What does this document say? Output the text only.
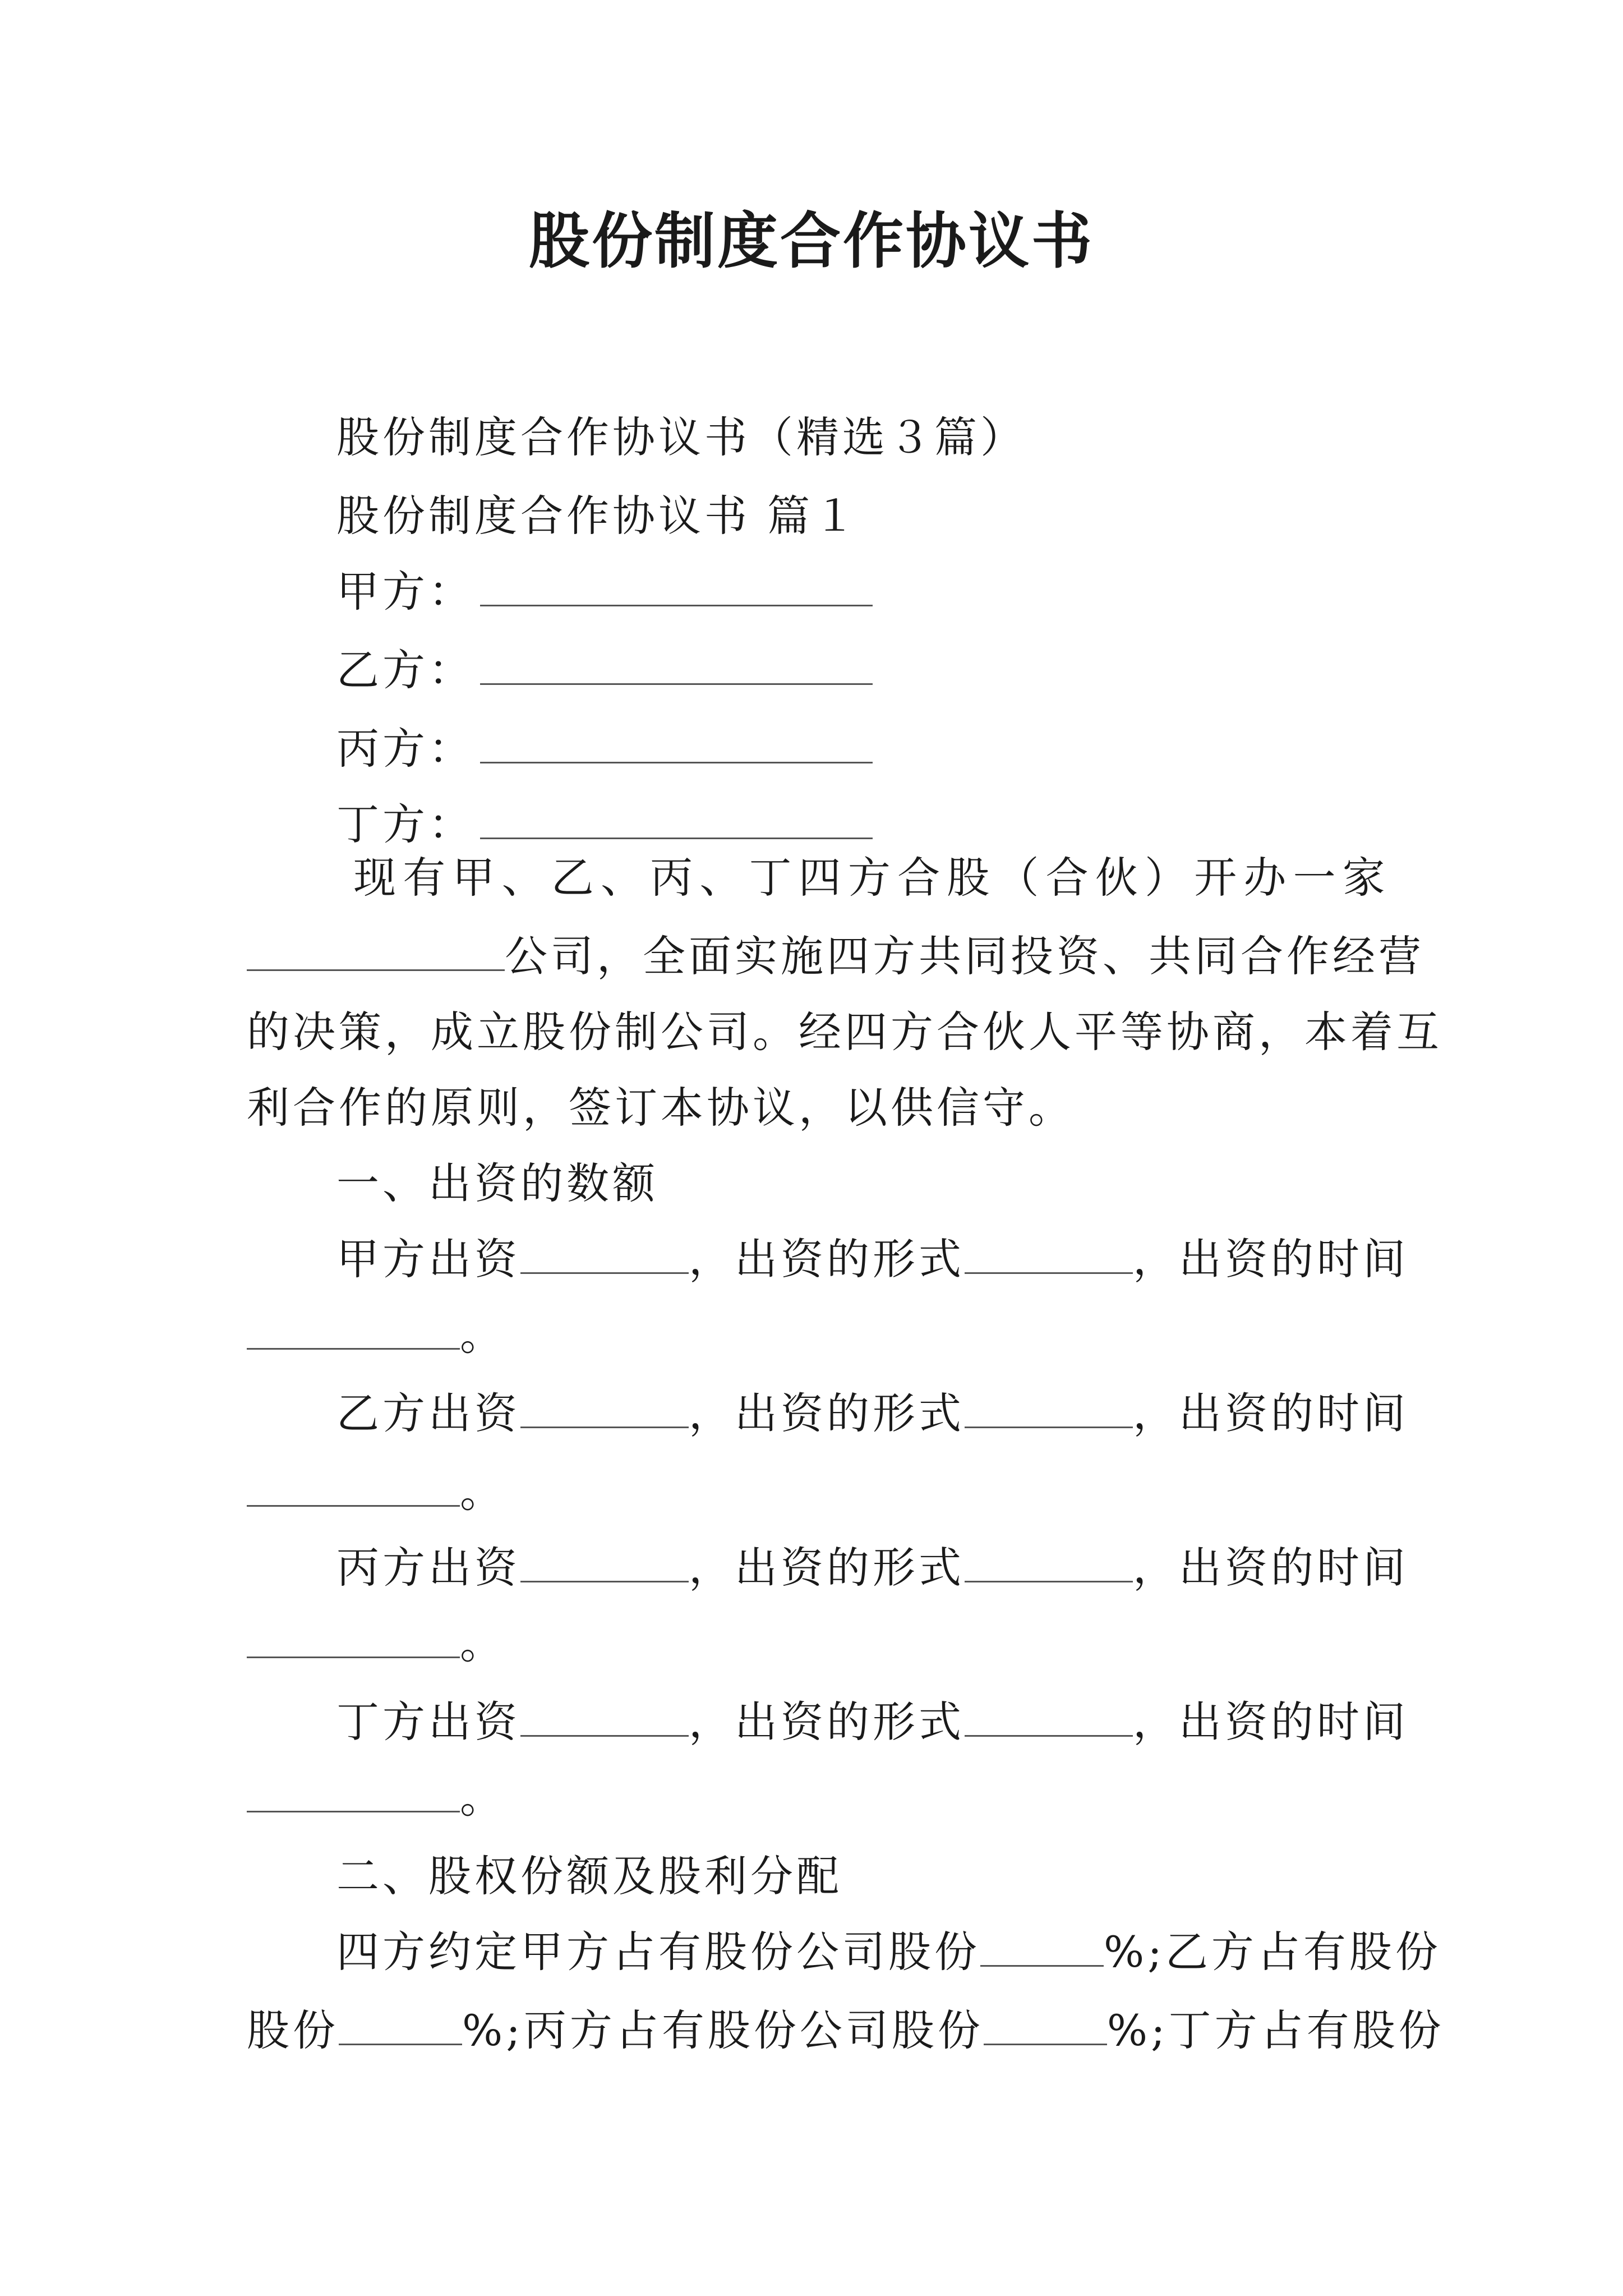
股份制度合作协议书
股份制度合作协议书（精选３篇）
股份制度合作协议书 篇１
甲方：
乙方：
丙方：
丁方：
现 有 甲 、 乙 、 丙 、 丁 四 方 合 股 （ 合 伙 ） 开 办 一 家
公司，全面实施四方共同投资、共同合作经营
的决策，成立股份制公司。经四方合伙人平等协商，本着互
利合作的原则，签订本协议，以供信守。
一、出资的数额
甲方出资	，出资的形式	，出资的时间
。
乙方出资	，出资的形式	，出资的时间
。
丙方出资	，出资的形式	，出资的时间
。
丁方出资	，出资的形式	，出资的时间
。
二、股权份额及股利分配
四方约定甲方占有股份公司股份	%;乙方占有股份
股份	%;丙方占有股份公司股份	%;丁方占有股份
